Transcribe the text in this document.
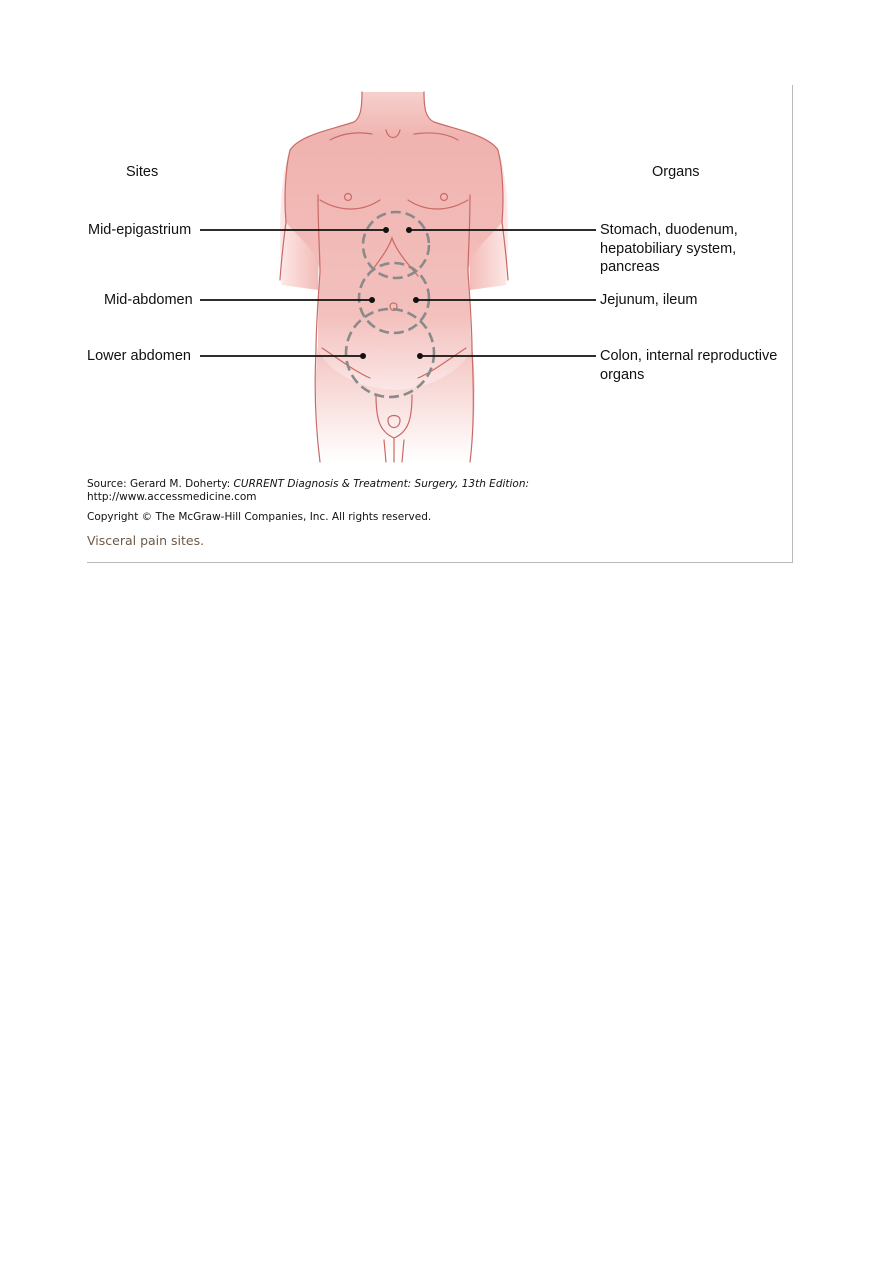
Sites	Organs
Mid-epigastrium
Mid-abdomen
Lower abdomen
Stomach, duodenum,
hepatobiliary system,
pancreas
Jejunum, ileum
Colon, internal reproductive
organs
Source: Gerard M. Doherty: CURRENT Diagnosis & Treatment: Surgery, 13th Edition:
http://www.accessmedicine.com
Copyright © The McGraw-Hill Companies, Inc. All rights reserved.
Visceral pain sites.
